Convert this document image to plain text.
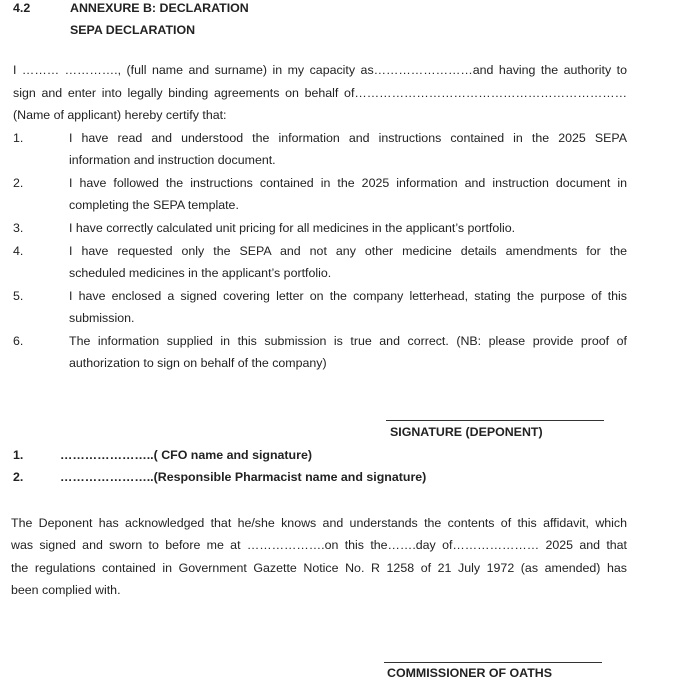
4.2	ANNEXURE B: DECLARATION
SEPA DECLARATION
I ……… …………., (full name and surname) in my capacity as……………………and having the authority to
sign and enter into legally binding agreements on behalf of…………………………………………………………
(Name of applicant) hereby certify that:
1.	I have read and understood the information and instructions contained in the 2025 SEPA
information and instruction document.
2.	I have followed the instructions contained in the 2025 information and instruction document in
completing the SEPA template.
3.	I have correctly calculated unit pricing for all medicines in the applicant’s portfolio.
4.	I have requested only the SEPA and not any other medicine details amendments for the
scheduled medicines in the applicant’s portfolio.
5.	I have enclosed a signed covering letter on the company letterhead, stating the purpose of this
submission.
6.	The information supplied in this submission is true and correct. (NB: please provide proof of
authorization to sign on behalf of the company)
SIGNATURE (DEPONENT)
1.	…………………..( CFO name and signature)
2.	…………………..(Responsible Pharmacist name and signature)
The Deponent has acknowledged that he/she knows and understands the contents of this affidavit, which
was signed and sworn to before me at ……………….on this the…….day of………………… 2025 and that
the regulations contained in Government Gazette Notice No. R 1258 of 21 July 1972 (as amended) has
been complied with.
COMMISSIONER OF OATHS
